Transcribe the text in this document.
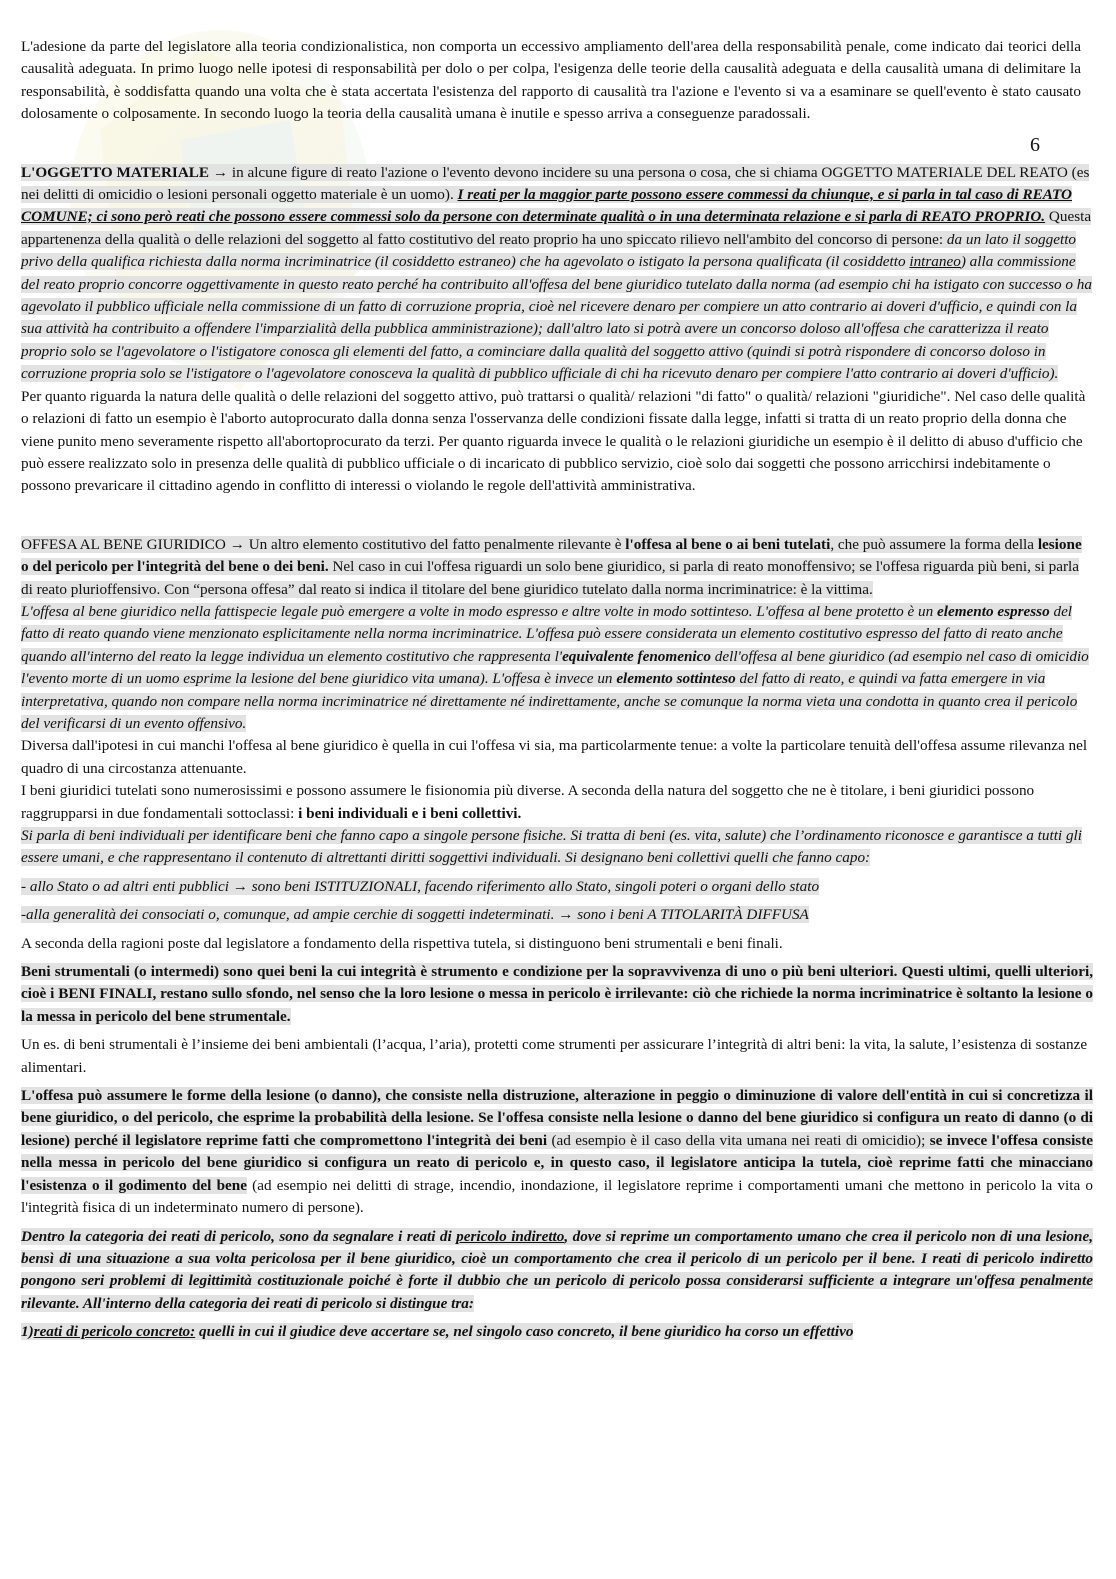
6

L'adesione da parte del legislatore alla teoria condizionalistica, non comporta un eccessivo ampliamento dell'area della responsabilità penale, come indicato dai teorici della causalità adeguata. In primo luogo nelle ipotesi di responsabilità per dolo o per colpa, l'esigenza delle teorie della causalità adeguata e della causalità umana di delimitare la responsabilità, è soddisfatta quando una volta che è stata accertata l'esistenza del rapporto di causalità tra l'azione e l'evento si va a esaminare se quell'evento è stato causato dolosamente o colposamente. In secondo luogo la teoria della causalità umana è inutile e spesso arriva a conseguenze paradossali.

L'OGGETTO MATERIALE → in alcune figure di reato l'azione o l'evento devono incidere su una persona o cosa, che si chiama OGGETTO MATERIALE DEL REATO (es nei delitti di omicidio o lesioni personali oggetto materiale è un uomo). I reati per la maggior parte possono essere commessi da chiunque, e si parla in tal caso di REATO COMUNE; ci sono però reati che possono essere commessi solo da persone con determinate qualità o in una determinata relazione e si parla di REATO PROPRIO. Questa appartenenza della qualità o delle relazioni del soggetto al fatto costitutivo del reato proprio ha uno spiccato rilievo nell'ambito del concorso di persone: da un lato il soggetto privo della qualifica richiesta dalla norma incriminatrice (il cosiddetto estraneo) che ha agevolato o istigato la persona qualificata (il cosiddetto intraneo) alla commissione del reato proprio concorre oggettivamente in questo reato perché ha contribuito all'offesa del bene giuridico tutelato dalla norma (ad esempio chi ha istigato con successo o ha agevolato il pubblico ufficiale nella commissione di un fatto di corruzione propria, cioè nel ricevere denaro per compiere un atto contrario ai doveri d'ufficio, e quindi con la sua attività ha contribuito a offendere l'imparzialità della pubblica amministrazione); dall'altro lato si potrà avere un concorso doloso all'offesa che caratterizza il reato proprio solo se l'agevolatore o l'istigatore conosca gli elementi del fatto, a cominciare dalla qualità del soggetto attivo (quindi si potrà rispondere di concorso doloso in corruzione propria solo se l'istigatore o l'agevolatore conosceva la qualità di pubblico ufficiale di chi ha ricevuto denaro per compiere l'atto contrario ai doveri d'ufficio).

Per quanto riguarda la natura delle qualità o delle relazioni del soggetto attivo, può trattarsi o qualità/ relazioni "di fatto" o qualità/ relazioni "giuridiche". Nel caso delle qualità o relazioni di fatto un esempio è l'aborto autoprocurato dalla donna senza l'osservanza delle condizioni fissate dalla legge, infatti si tratta di un reato proprio della donna che viene punito meno severamente rispetto all'abortoprocurato da terzi. Per quanto riguarda invece le qualità o le relazioni giuridiche un esempio è il delitto di abuso d'ufficio che può essere realizzato solo in presenza delle qualità di pubblico ufficiale o di incaricato di pubblico servizio, cioè solo dai soggetti che possono arricchirsi indebitamente o possono prevaricare il cittadino agendo in conflitto di interessi o violando le regole dell'attività amministrativa.

OFFESA AL BENE GIURIDICO → Un altro elemento costitutivo del fatto penalmente rilevante è l'offesa al bene o ai beni tutelati, che può assumere la forma della lesione o del pericolo per l'integrità del bene o dei beni. Nel caso in cui l'offesa riguardi un solo bene giuridico, si parla di reato monoffensivo; se l'offesa riguarda più beni, si parla di reato plurioffensivo. Con “persona offesa” dal reato si indica il titolare del bene giuridico tutelato dalla norma incriminatrice: è la vittima.

L'offesa al bene giuridico nella fattispecie legale può emergere a volte in modo espresso e altre volte in modo sottinteso. L'offesa al bene protetto è un elemento espresso del fatto di reato quando viene menzionato esplicitamente nella norma incriminatrice. L'offesa può essere considerata un elemento costitutivo espresso del fatto di reato anche quando all'interno del reato la legge individua un elemento costitutivo che rappresenta l'equivalente fenomenico dell'offesa al bene giuridico (ad esempio nel caso di omicidio l'evento morte di un uomo esprime la lesione del bene giuridico vita umana). L'offesa è invece un elemento sottinteso del fatto di reato, e quindi va fatta emergere in via interpretativa, quando non compare nella norma incriminatrice né direttamente né indirettamente, anche se comunque la norma vieta una condotta in quanto crea il pericolo del verificarsi di un evento offensivo.

Diversa dall'ipotesi in cui manchi l'offesa al bene giuridico è quella in cui l'offesa vi sia, ma particolarmente tenue: a volte la particolare tenuità dell'offesa assume rilevanza nel quadro di una circostanza attenuante.

I beni giuridici tutelati sono numerosissimi e possono assumere le fisionomia più diverse. A seconda della natura del soggetto che ne è titolare, i beni giuridici possono raggrupparsi in due fondamentali sottoclassi: i beni individuali e i beni collettivi.

Si parla di beni individuali per identificare beni che fanno capo a singole persone fisiche. Si tratta di beni (es. vita, salute) che l’ordinamento riconosce e garantisce a tutti gli essere umani, e che rappresentano il contenuto di altrettanti diritti soggettivi individuali. Si designano beni collettivi quelli che fanno capo:

- allo Stato o ad altri enti pubblici → sono beni ISTITUZIONALI, facendo riferimento allo Stato, singoli poteri o organi dello stato

-alla generalità dei consociati o, comunque, ad ampie cerchie di soggetti indeterminati. → sono i beni A TITOLARITÀ DIFFUSA

A seconda della ragioni poste dal legislatore a fondamento della rispettiva tutela, si distinguono beni strumentali e beni finali.

Beni strumentali (o intermedi) sono quei beni la cui integrità è strumento e condizione per la sopravvivenza di uno o più beni ulteriori. Questi ultimi, quelli ulteriori, cioè i BENI FINALI, restano sullo sfondo, nel senso che la loro lesione o messa in pericolo è irrilevante: ciò che richiede la norma incriminatrice è soltanto la lesione o la messa in pericolo del bene strumentale.

Un es. di beni strumentali è l’insieme dei beni ambientali (l’acqua, l’aria), protetti come strumenti per assicurare l’integrità di altri beni: la vita, la salute, l’esistenza di sostanze alimentari.

L'offesa può assumere le forme della lesione (o danno), che consiste nella distruzione, alterazione in peggio o diminuzione di valore dell'entità in cui si concretizza il bene giuridico, o del pericolo, che esprime la probabilità della lesione. Se l'offesa consiste nella lesione o danno del bene giuridico si configura un reato di danno (o di lesione) perché il legislatore reprime fatti che compromettono l'integrità dei beni (ad esempio è il caso della vita umana nei reati di omicidio); se invece l'offesa consiste nella messa in pericolo del bene giuridico si configura un reato di pericolo e, in questo caso, il legislatore anticipa la tutela, cioè reprime fatti che minacciano l'esistenza o il godimento del bene (ad esempio nei delitti di strage, incendio, inondazione, il legislatore reprime i comportamenti umani che mettono in pericolo la vita o l'integrità fisica di un indeterminato numero di persone).

Dentro la categoria dei reati di pericolo, sono da segnalare i reati di pericolo indiretto, dove si reprime un comportamento umano che crea il pericolo non di una lesione, bensì di una situazione a sua volta pericolosa per il bene giuridico, cioè un comportamento che crea il pericolo di un pericolo per il bene. I reati di pericolo indiretto pongono seri problemi di legittimità costituzionale poiché è forte il dubbio che un pericolo di pericolo possa considerarsi sufficiente a integrare un'offesa penalmente rilevante. All'interno della categoria dei reati di pericolo si distingue tra:

1)reati di pericolo concreto: quelli in cui il giudice deve accertare se, nel singolo caso concreto, il bene giuridico ha corso un effettivo
